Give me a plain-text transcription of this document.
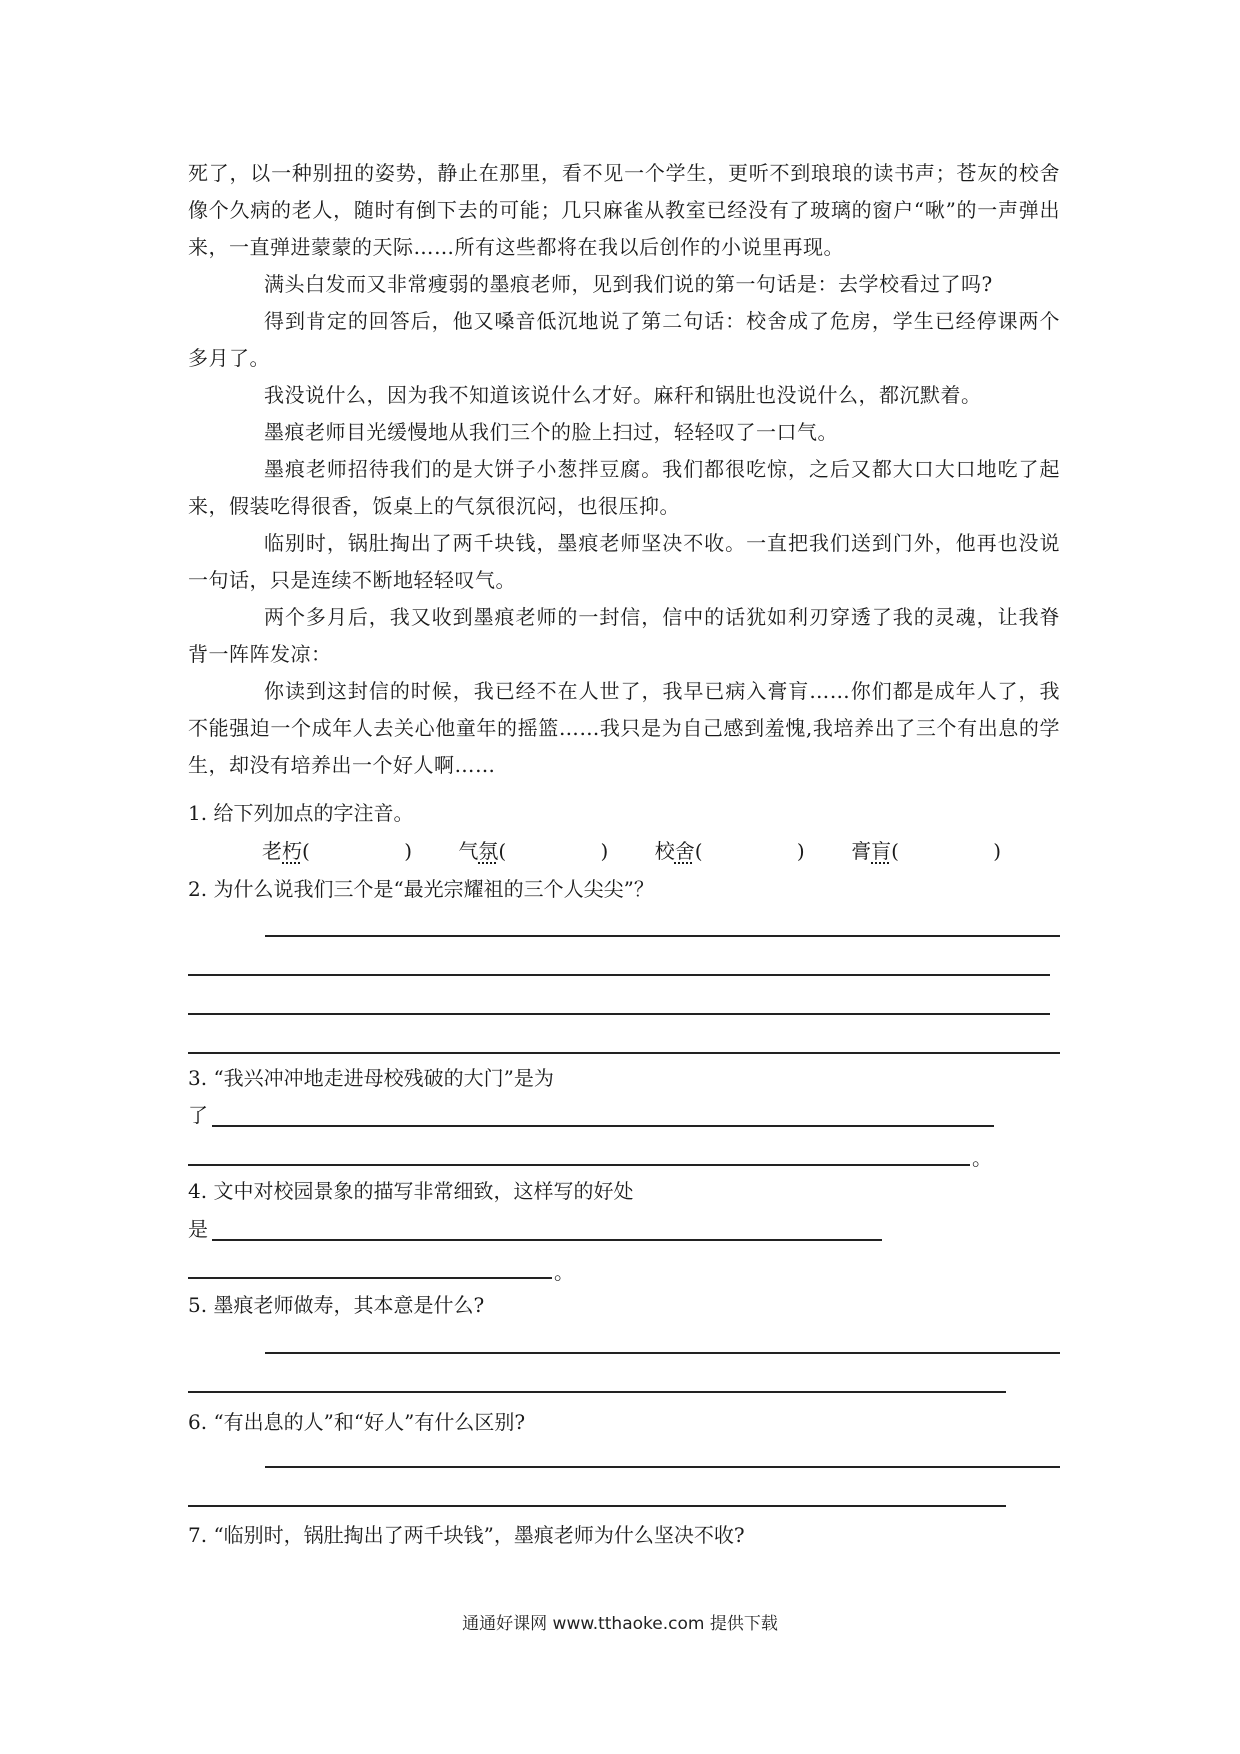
死了，以一种别扭的姿势，静止在那里，看不见一个学生，更听不到琅琅的读书声；苍灰的校舍像个久病的老人，随时有倒下去的可能；几只麻雀从教室已经没有了玻璃的窗户“啾”的一声弹出来，一直弹进蒙蒙的天际……所有这些都将在我以后创作的小说里再现。

满头白发而又非常瘦弱的墨痕老师，见到我们说的第一句话是：去学校看过了吗?

得到肯定的回答后，他又嗓音低沉地说了第二句话：校舍成了危房，学生已经停课两个多月了。

我没说什么，因为我不知道该说什么才好。麻秆和锅肚也没说什么，都沉默着。

墨痕老师目光缓慢地从我们三个的脸上扫过，轻轻叹了一口气。

墨痕老师招待我们的是大饼子小葱拌豆腐。我们都很吃惊，之后又都大口大口地吃了起来，假装吃得很香，饭桌上的气氛很沉闷，也很压抑。

临别时，锅肚掏出了两千块钱，墨痕老师坚决不收。一直把我们送到门外，他再也没说一句话，只是连续不断地轻轻叹气。

两个多月后，我又收到墨痕老师的一封信，信中的话犹如利刃穿透了我的灵魂，让我脊背一阵阵发凉：

你读到这封信的时候，我已经不在人世了，我早已病入膏肓……你们都是成年人了，我不能强迫一个成年人去关心他童年的摇篮……我只是为自己感到羞愧,我培养出了三个有出息的学生，却没有培养出一个好人啊……

1. 给下列加点的字注音。

老朽(	) 气氛(	) 校舍(	) 膏肓(	)

2. 为什么说我们三个是“最光宗耀祖的三个人尖尖”？

3. “我兴冲冲地走进母校残破的大门”是为

了

。

4. 文中对校园景象的描写非常细致，这样写的好处

是

。

5. 墨痕老师做寿，其本意是什么?

6. “有出息的人”和“好人”有什么区别?

7. “临别时，锅肚掏出了两千块钱”，墨痕老师为什么坚决不收?

通通好课网 www.tthaoke.com 提供下载
